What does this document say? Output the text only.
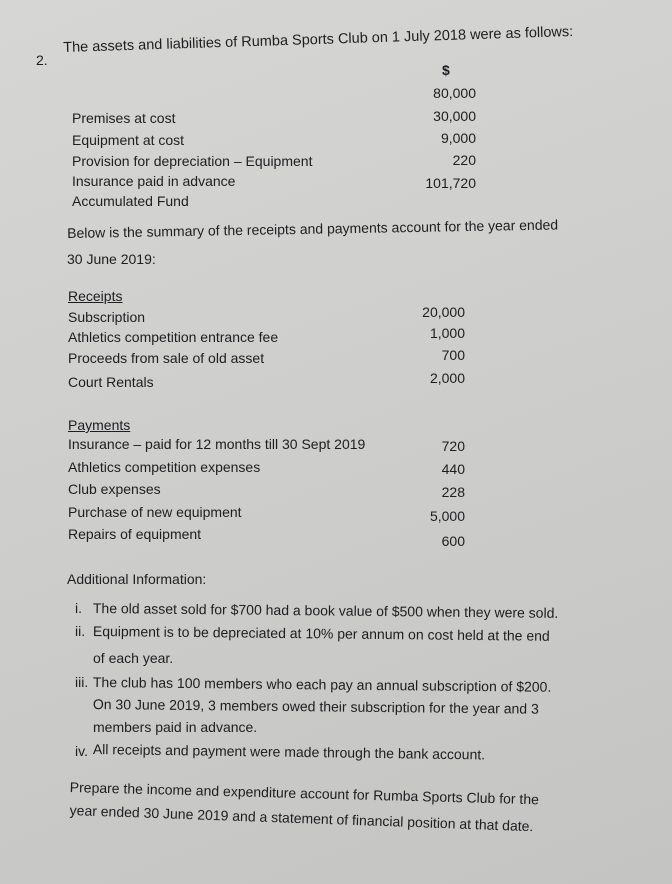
2.
The assets and liabilities of Rumba Sports Club on 1 July 2018 were as follows:
$
Premises at cost
Equipment at cost
Provision for depreciation – Equipment
Insurance paid in advance
Accumulated Fund
80,000
30,000
9,000
220
101,720
Below is the summary of the receipts and payments account for the year ended
30 June 2019:
Receipts
Subscription
Athletics competition entrance fee
Proceeds from sale of old asset
Court Rentals
20,000
1,000
700
2,000
Payments
Insurance – paid for 12 months till 30 Sept 2019
Athletics competition expenses
Club expenses
Purchase of new equipment
Repairs of equipment
720
440
228
5,000
600
Additional Information:
i. The old asset sold for $700 had a book value of $500 when they were sold.
ii. Equipment is to be depreciated at 10% per annum on cost held at the end
of each year.
iii. The club has 100 members who each pay an annual subscription of $200.
On 30 June 2019, 3 members owed their subscription for the year and 3
members paid in advance.
iv. All receipts and payment were made through the bank account.
Prepare the income and expenditure account for Rumba Sports Club for the
year ended 30 June 2019 and a statement of financial position at that date.
